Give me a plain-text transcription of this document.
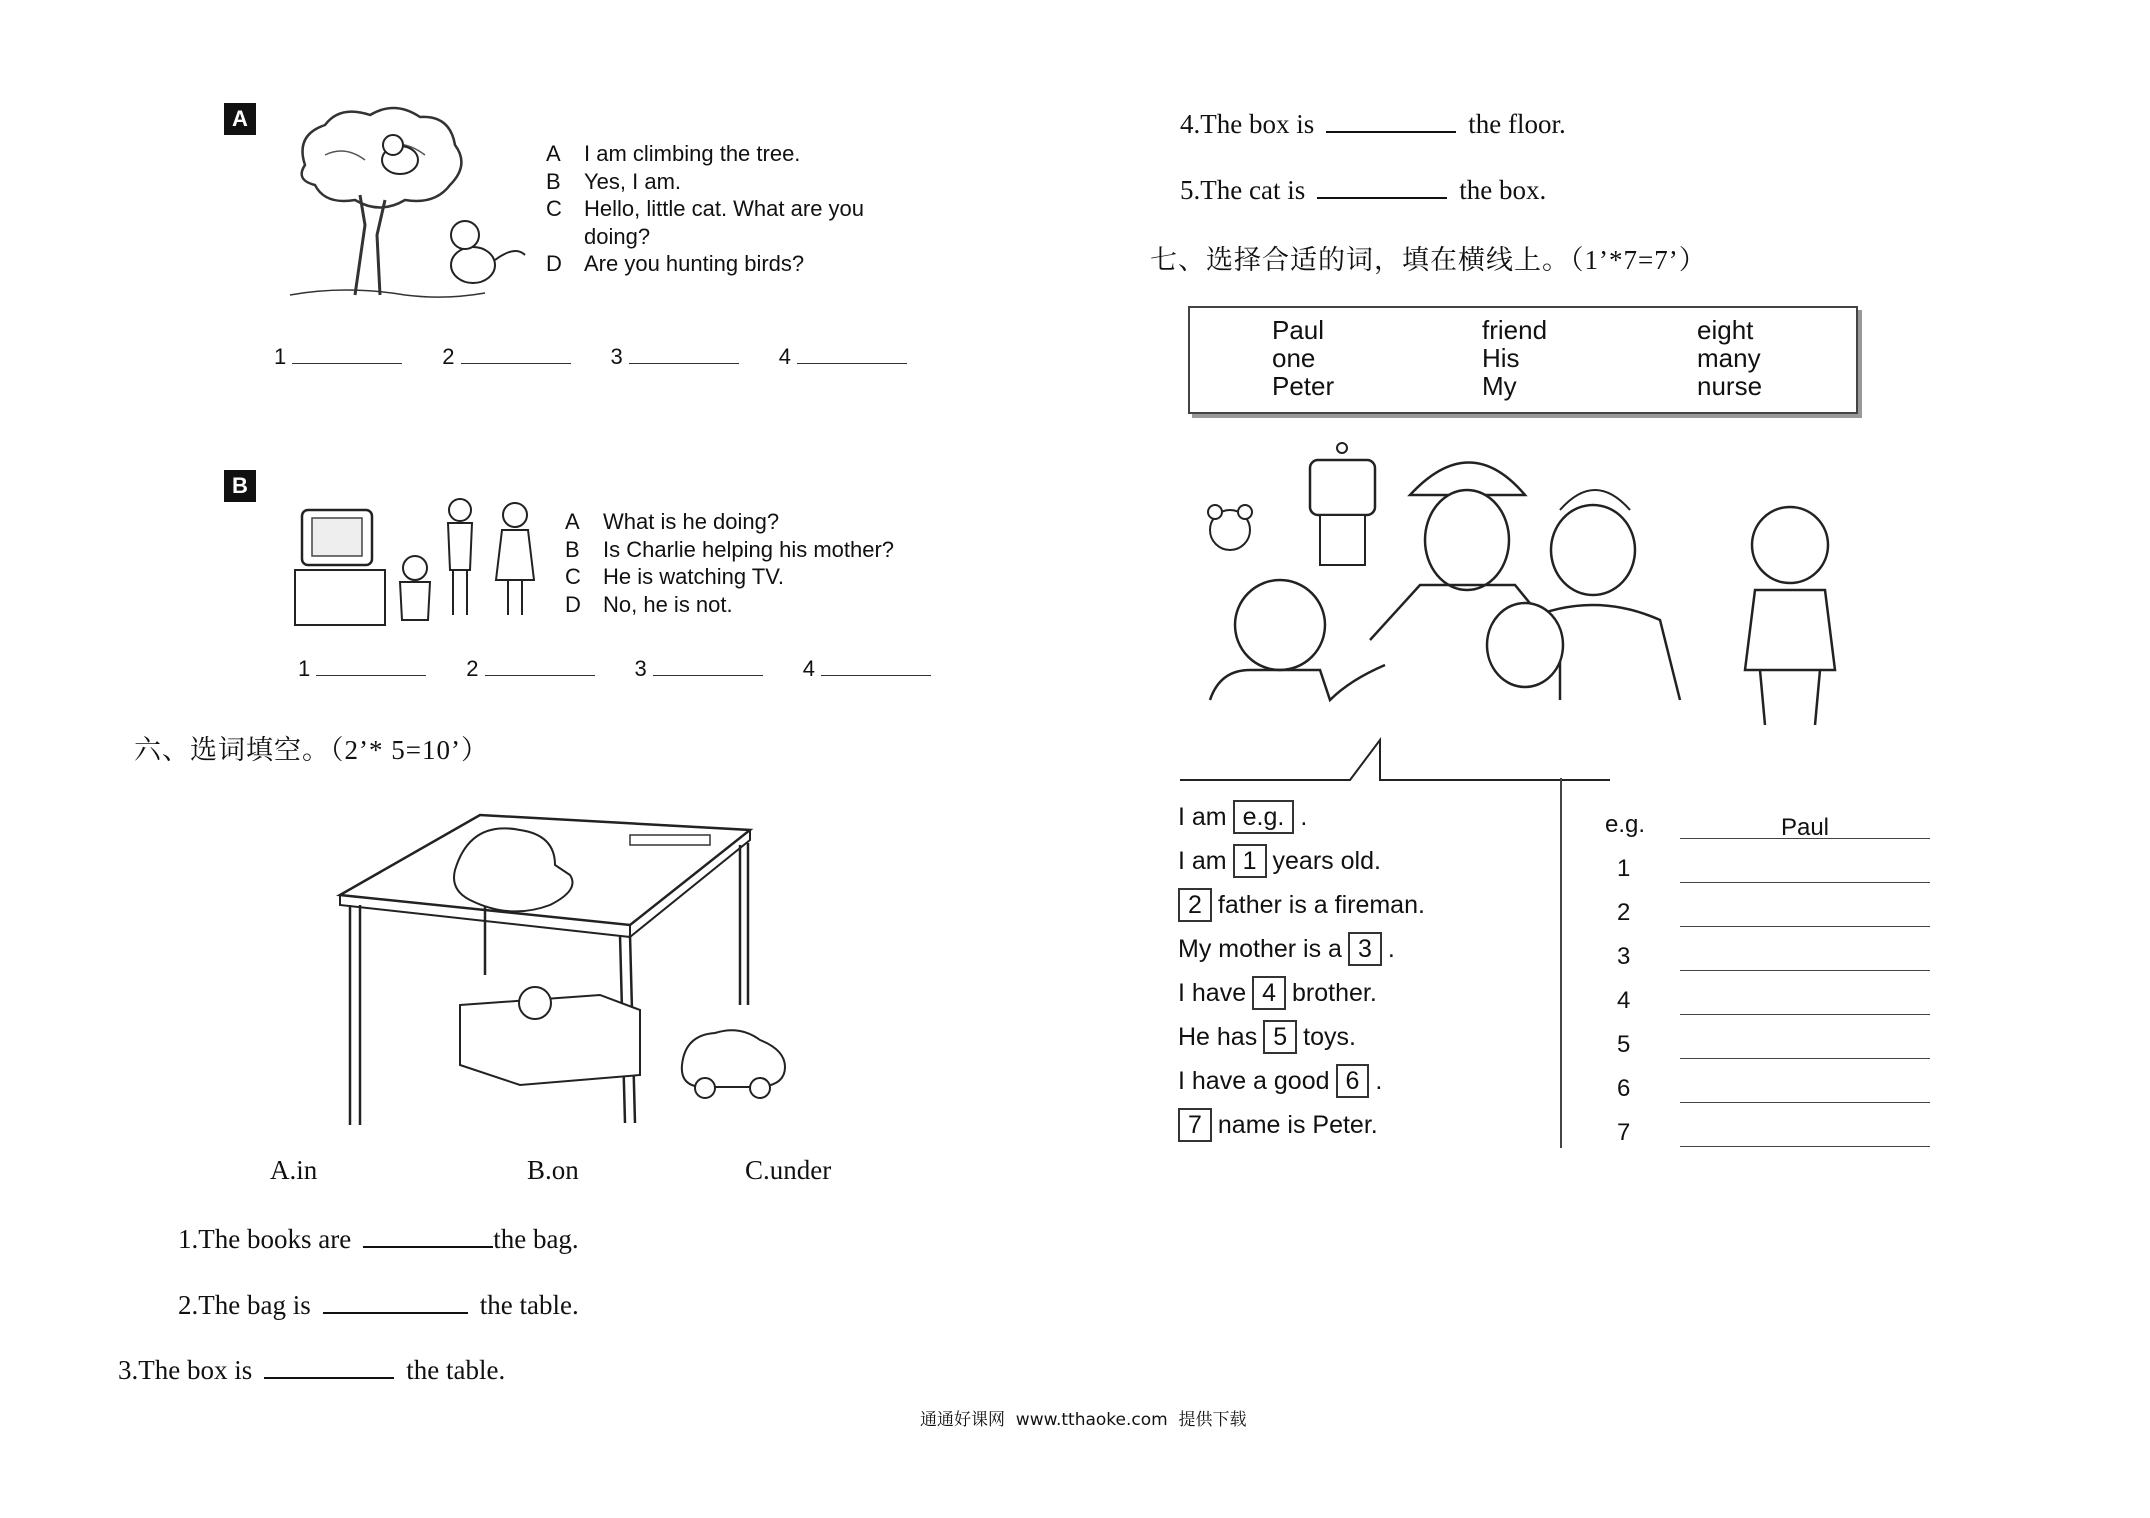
A
A I am climbing the tree.
B Yes, I am.
C Hello, little cat. What are you
doing?
D Are you hunting birds?
1	2	3	4
B
A What is he doing?
B Is Charlie helping his mother?
C He is watching TV.
D No, he is not.
1	2	3	4
六、选词填空。（2’* 5=10’）
A.in	B.on	C.under
1.The books are	the bag.
2.The bag is	the table.
3.The box is	the table.
4.The box is	the floor.
5.The cat is	the box.
七、选择合适的词，填在横线上。（1’*7=7’）
Paul	friend	eight
one	His	many
Peter	My	nurse
I am e.g. .
I am 1 years old.
2 father is a fireman.
My mother is a 3 .
I have 4 brother.
He has 5 toys.
I have a good 6 .
7 name is Peter.
e.g.	Paul
1
2
3
4
5
6
7
通通好课网  www.tthaoke.com  提供下载
